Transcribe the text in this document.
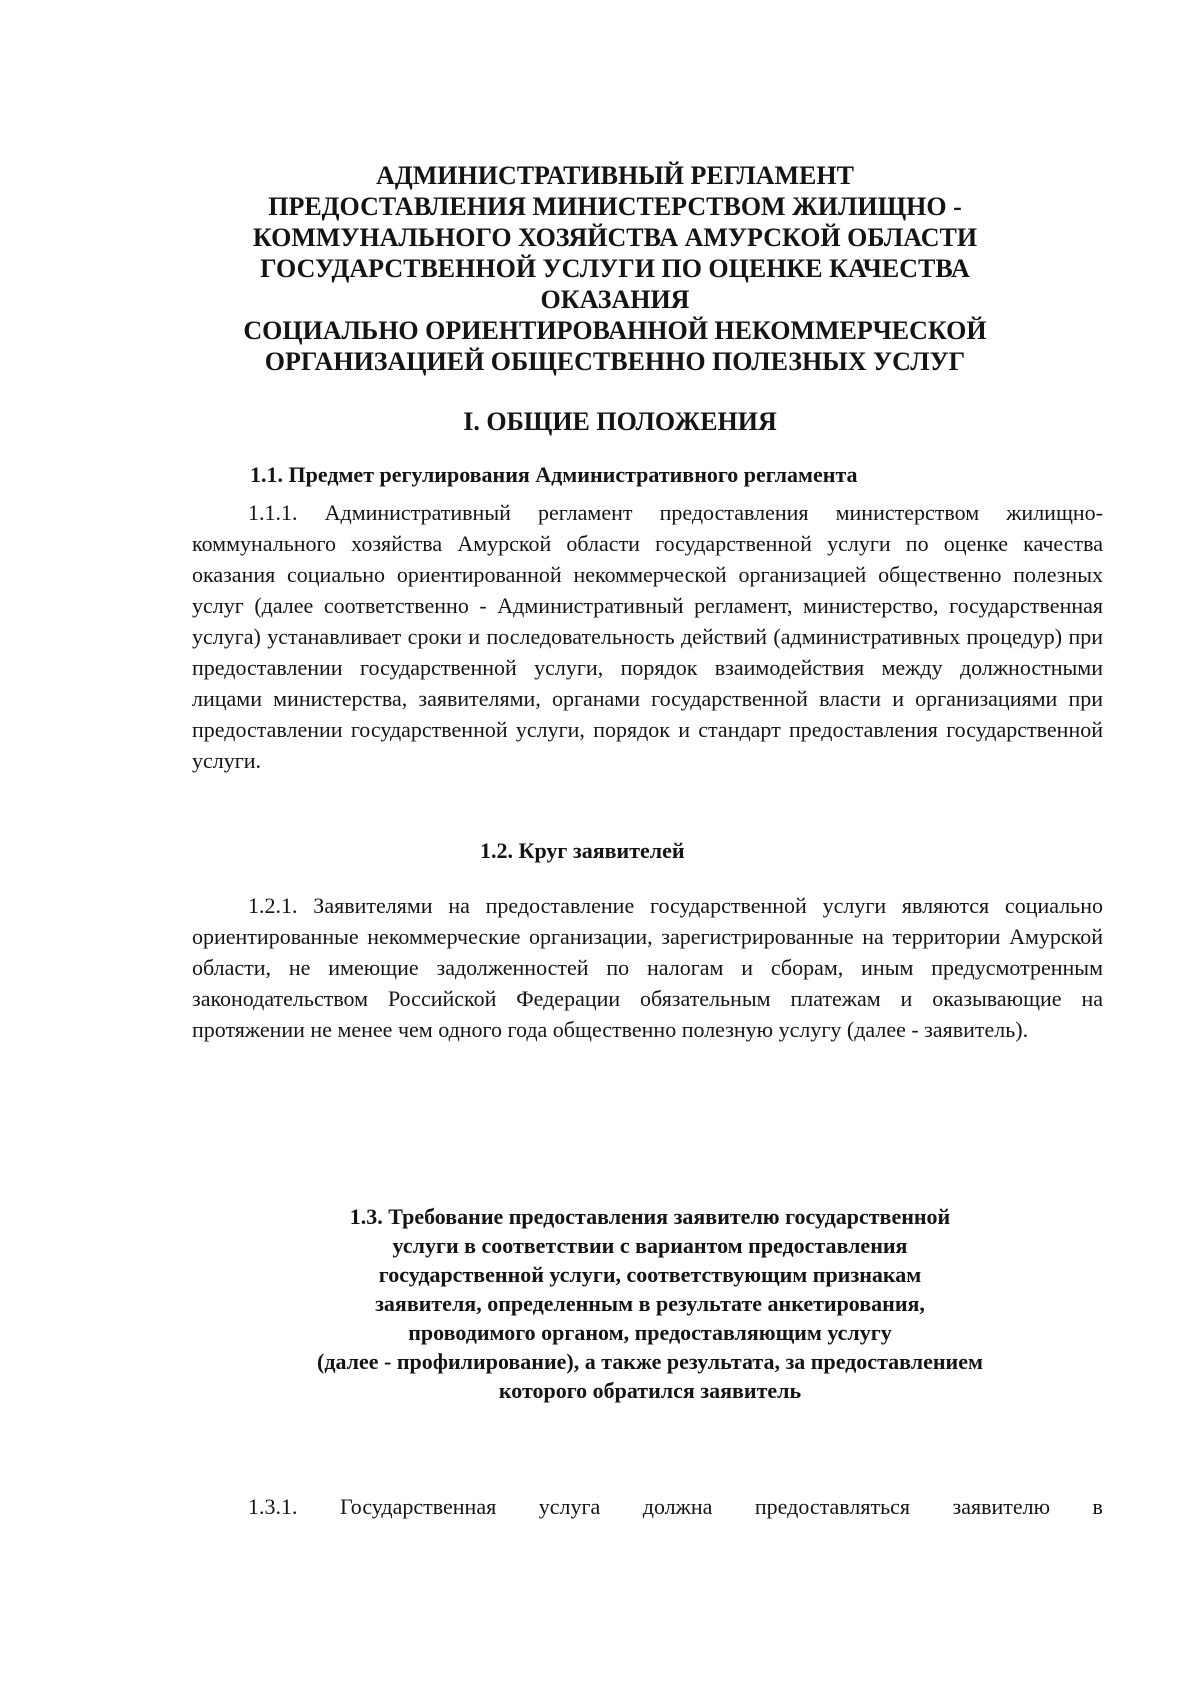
АДМИНИСТРАТИВНЫЙ РЕГЛАМЕНТ
ПРЕДОСТАВЛЕНИЯ МИНИСТЕРСТВОМ ЖИЛИЩНО -
КОММУНАЛЬНОГО ХОЗЯЙСТВА АМУРСКОЙ ОБЛАСТИ
ГОСУДАРСТВЕННОЙ УСЛУГИ ПО ОЦЕНКЕ КАЧЕСТВА
ОКАЗАНИЯ
СОЦИАЛЬНО ОРИЕНТИРОВАННОЙ НЕКОММЕРЧЕСКОЙ
ОРГАНИЗАЦИЕЙ ОБЩЕСТВЕННО ПОЛЕЗНЫХ УСЛУГ
I. ОБЩИЕ ПОЛОЖЕНИЯ
1.1. Предмет регулирования Административного регламента
1.1.1. Административный регламент предоставления министерством жилищно-коммунального хозяйства Амурской области государственной услуги по оценке качества оказания социально ориентированной некоммерческой организацией общественно полезных услуг (далее соответственно - Административный регламент, министерство, государственная услуга) устанавливает сроки и последовательность действий (административных процедур) при предоставлении государственной услуги, порядок взаимодействия между должностными лицами министерства, заявителями, органами государственной власти и организациями при предоставлении государственной услуги, порядок и стандарт предоставления государственной услуги.
1.2. Круг заявителей
1.2.1. Заявителями на предоставление государственной услуги являются социально ориентированные некоммерческие организации, зарегистрированные на территории Амурской области, не имеющие задолженностей по налогам и сборам, иным предусмотренным законодательством Российской Федерации обязательным платежам и оказывающие на протяжении не менее чем одного года общественно полезную услугу (далее - заявитель).
1.3. Требование предоставления заявителю государственной
услуги в соответствии с вариантом предоставления
государственной услуги, соответствующим признакам
заявителя, определенным в результате анкетирования,
проводимого органом, предоставляющим услугу
(далее - профилирование), а также результата, за предоставлением
которого обратился заявитель
1.3.1. Государственная услуга должна предоставляться заявителю в
